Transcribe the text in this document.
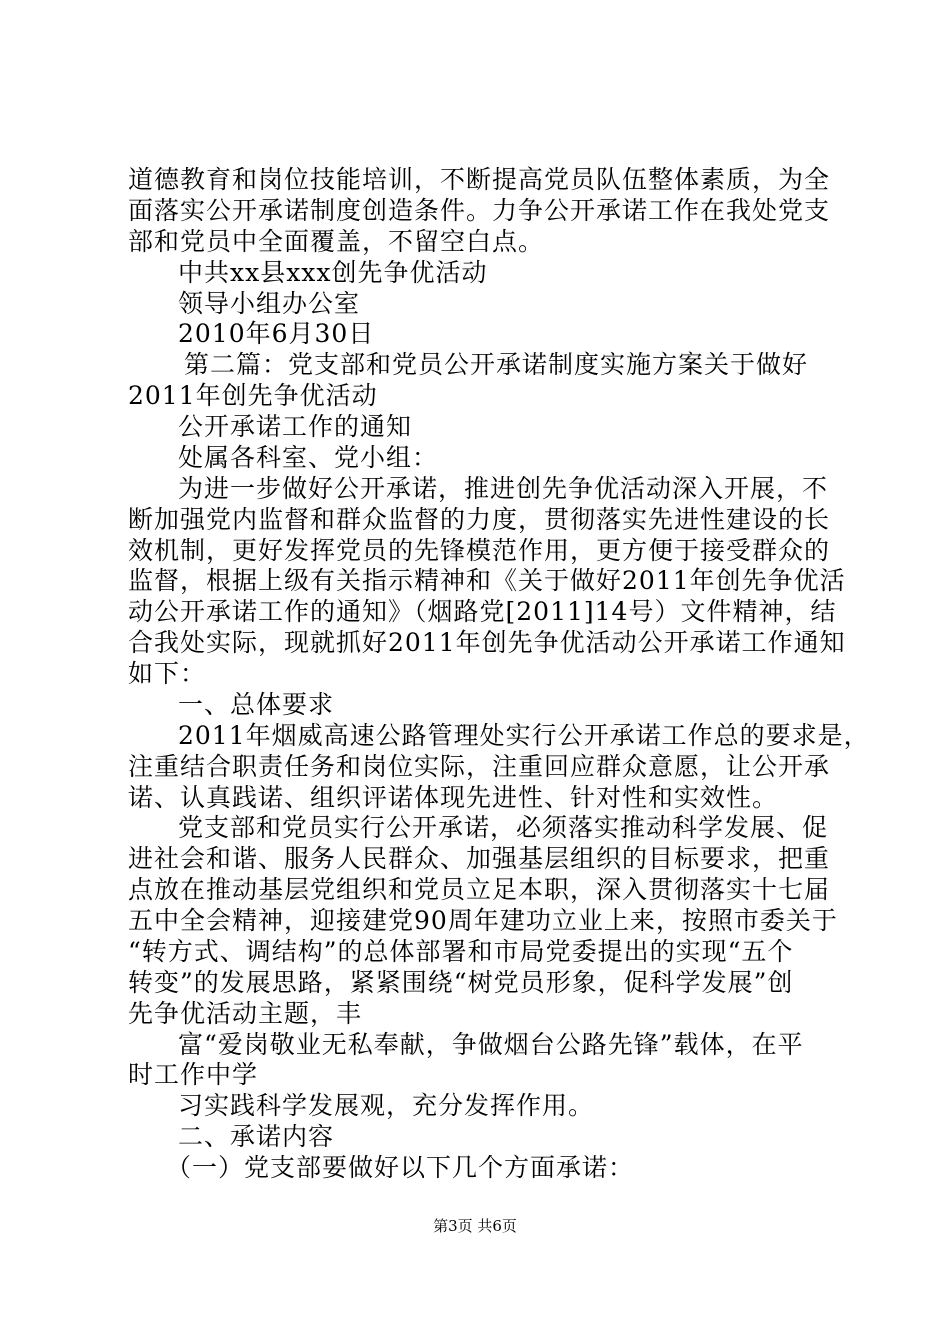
道德教育和岗位技能培训，不断提高党员队伍整体素质，为全
面落实公开承诺制度创造条件。力争公开承诺工作在我处党支
部和党员中全面覆盖，不留空白点。
中共xx县xxx创先争优活动
领导小组办公室
2010年6月30日
第二篇：党支部和党员公开承诺制度实施方案关于做好
2011年创先争优活动
公开承诺工作的通知
处属各科室、党小组：
为进一步做好公开承诺，推进创先争优活动深入开展，不
断加强党内监督和群众监督的力度，贯彻落实先进性建设的长
效机制，更好发挥党员的先锋模范作用，更方便于接受群众的
监督，根据上级有关指示精神和《关于做好2011年创先争优活
动公开承诺工作的通知》（烟路党[2011]14号）文件精神，结
合我处实际，现就抓好2011年创先争优活动公开承诺工作通知
如下：
一、总体要求
2011年烟威高速公路管理处实行公开承诺工作总的要求是，
注重结合职责任务和岗位实际，注重回应群众意愿，让公开承
诺、认真践诺、组织评诺体现先进性、针对性和实效性。
党支部和党员实行公开承诺，必须落实推动科学发展、促
进社会和谐、服务人民群众、加强基层组织的目标要求，把重
点放在推动基层党组织和党员立足本职，深入贯彻落实十七届
五中全会精神，迎接建党90周年建功立业上来，按照市委关于
“转方式、调结构”的总体部署和市局党委提出的实现“五个
转变”的发展思路，紧紧围绕“树党员形象，促科学发展”创
先争优活动主题，丰
富“爱岗敬业无私奉献，争做烟台公路先锋”载体，在平
时工作中学
习实践科学发展观，充分发挥作用。
二、承诺内容
（一）党支部要做好以下几个方面承诺：
第3页 共6页
